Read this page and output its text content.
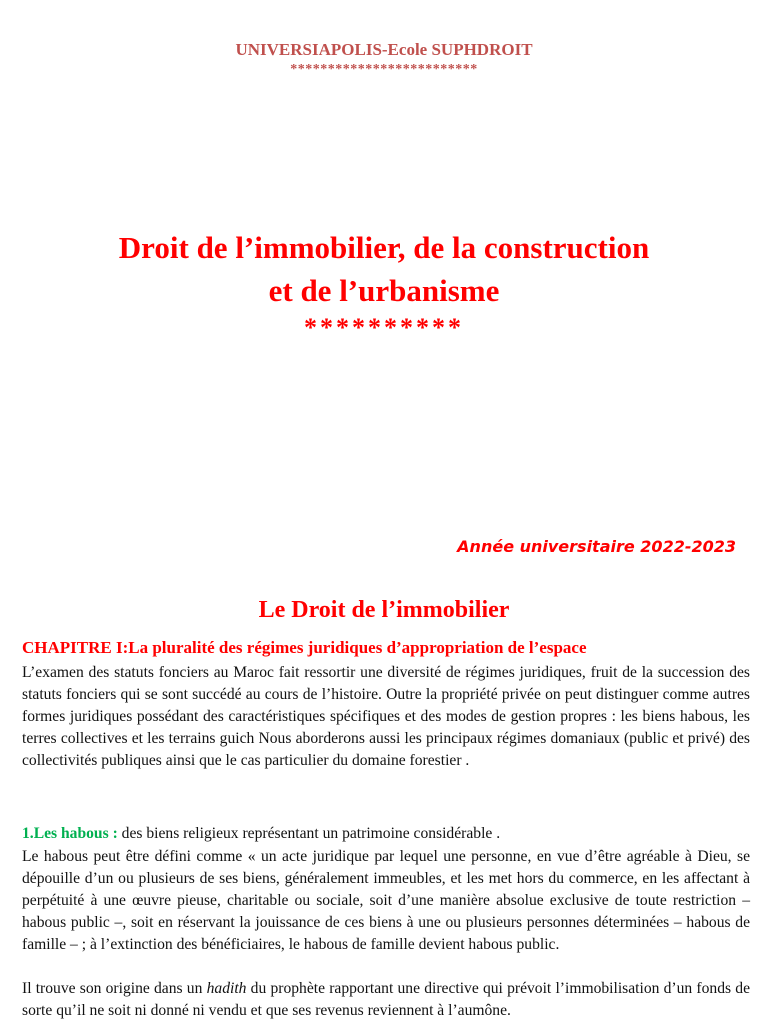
UNIVERSIAPOLIS-Ecole SUPHDROIT
*************************
Droit de l’immobilier, de la construction
et de l’urbanisme
**********
Année universitaire 2022-2023
Le Droit de l’immobilier
CHAPITRE I:La pluralité des régimes juridiques d’appropriation de l’espace
L’examen des statuts fonciers au Maroc fait ressortir une diversité de régimes juridiques, fruit de la succession des statuts fonciers qui se sont succédé au cours de l’histoire. Outre la propriété privée on peut distinguer comme autres formes juridiques possédant des caractéristiques spécifiques et des modes de gestion propres : les biens habous, les terres collectives et les terrains guich Nous aborderons aussi les principaux régimes domaniaux (public et privé) des collectivités publiques ainsi que le cas particulier du domaine forestier .
1.Les habous : des biens religieux représentant un patrimoine considérable .
Le habous peut être défini comme « un acte juridique par lequel une personne, en vue d’être agréable à Dieu, se dépouille d’un ou plusieurs de ses biens, généralement immeubles, et les met hors du commerce, en les affectant à perpétuité à une œuvre pieuse, charitable ou sociale, soit d’une manière absolue exclusive de toute restriction – habous public –, soit en réservant la jouissance de ces biens à une ou plusieurs personnes déterminées – habous de famille – ; à l’extinction des bénéficiaires, le habous de famille devient habous public.
Il trouve son origine dans un hadith du prophète rapportant une directive qui prévoit l’immobilisation d’un fonds de sorte qu’il ne soit ni donné ni vendu et que ses revenus reviennent à l’aumône.
